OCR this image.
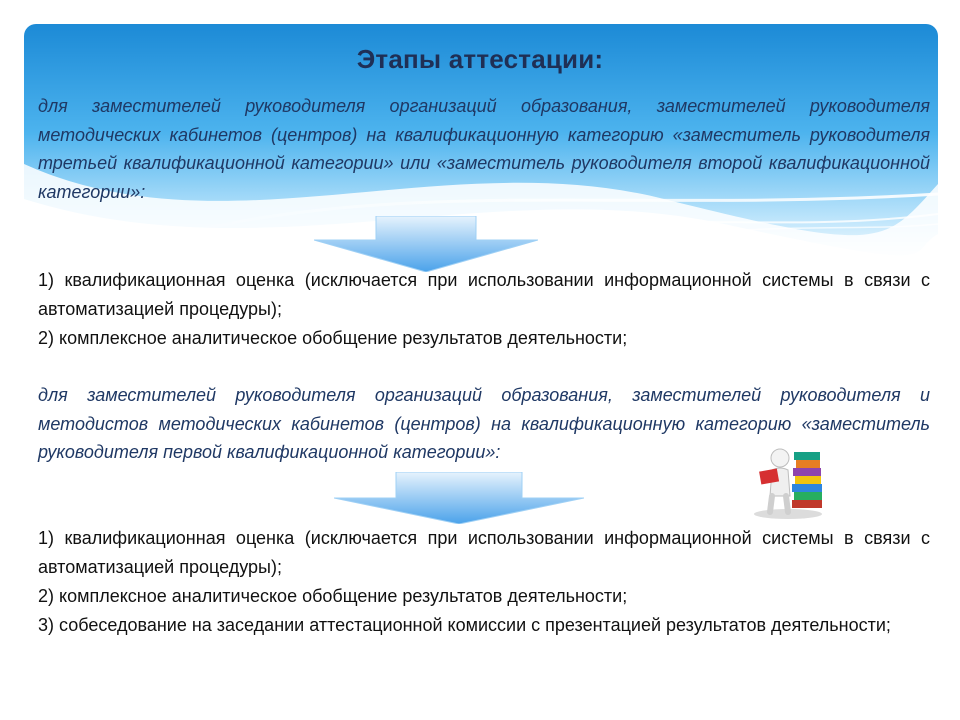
Этапы аттестации:
для заместителей руководителя организаций образования, заместителей руководителя методических кабинетов (центров) на квалификационную категорию «заместитель руководителя третьей квалификационной категории» или «заместитель руководителя второй квалификационной категории»:

1) квалификационная оценка (исключается при использовании информационной системы в связи с автоматизацией процедуры);

2) комплексное аналитическое обобщение результатов деятельности;

для заместителей руководителя организаций образования, заместителей руководителя и методистов методических кабинетов (центров) на квалификационную категорию «заместитель руководителя первой квалификационной категории»:

1) квалификационная оценка (исключается при использовании информационной системы в связи с автоматизацией процедуры);

2) комплексное аналитическое обобщение результатов деятельности;

3) собеседование на заседании аттестационной комиссии с презентацией результатов деятельности;
